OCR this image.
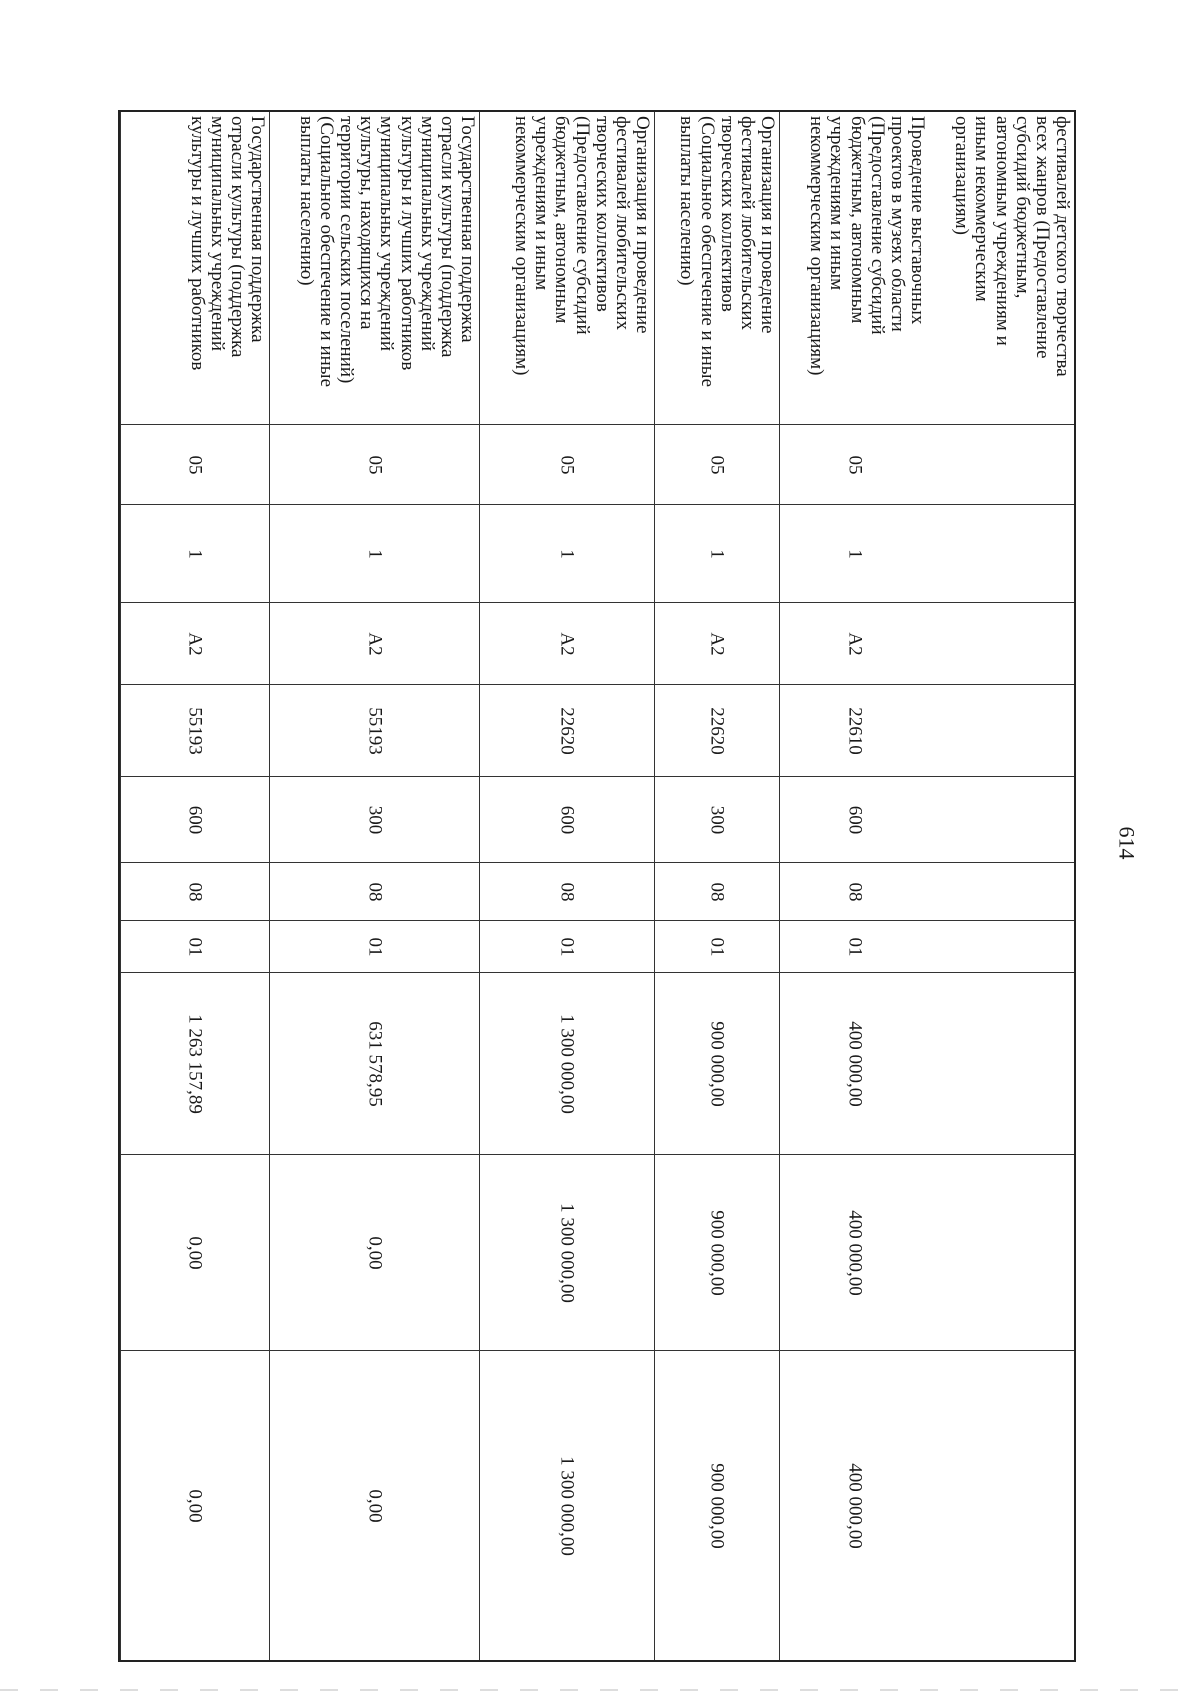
614
фестивалей детского творчества
всех жанров (Предоставление
субсидий бюджетным,
автономным учреждениям и
иным некоммерческим
организациям)
Проведение выставочных
проектов в музеях области
(Предоставление субсидий
бюджетным, автономным
учреждениям и иным
некоммерческим организациям)
05
1
А2
22610
600
08
01
400 000,00
400 000,00
400 000,00
Организация и проведение
фестивалей любительских
творческих коллективов
(Социальное обеспечение и иные
выплаты населению)
05
1
А2
22620
300
08
01
900 000,00
900 000,00
900 000,00
Организация и проведение
фестивалей любительских
творческих коллективов
(Предоставление субсидий
бюджетным, автономным
учреждениям и иным
некоммерческим организациям)
05
1
А2
22620
600
08
01
1 300 000,00
1 300 000,00
1 300 000,00
Государственная поддержка
отрасли культуры (поддержка
муниципальных учреждений
культуры и лучших работников
муниципальных учреждений
культуры, находящихся на
территории сельских поселений)
(Социальное обеспечение и иные
выплаты населению)
05
1
А2
55193
300
08
01
631 578,95
0,00
0,00
Государственная поддержка
отрасли культуры (поддержка
муниципальных учреждений
культуры и лучших работников
05
1
А2
55193
600
08
01
1 263 157,89
0,00
0,00
